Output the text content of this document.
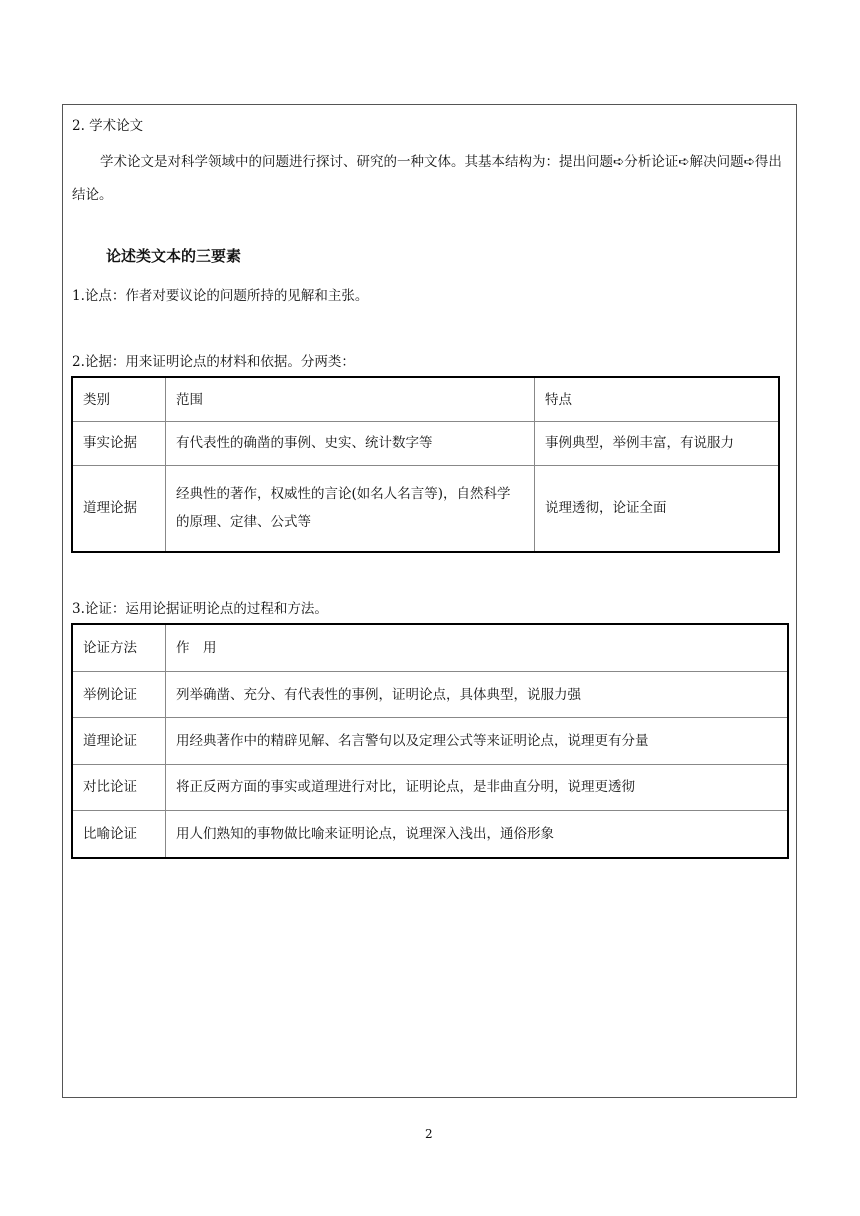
2. 学术论文
学术论文是对科学领域中的问题进行探讨、研究的一种文体。其基本结构为：提出问题➪分析论证➪解决问题➪得出结论。
论述类文本的三要素
1.论点：作者对要议论的问题所持的见解和主张。
2.论据：用来证明论点的材料和依据。分两类：
类别	范围	特点
事实论据	有代表性的确凿的事例、史实、统计数字等	事例典型，举例丰富，有说服力
道理论据	经典性的著作，权威性的言论(如名人名言等)，自然科学的原理、定律、公式等	说理透彻，论证全面
3.论证：运用论据证明论点的过程和方法。
论证方法	作　用
举例论证	列举确凿、充分、有代表性的事例，证明论点，具体典型，说服力强
道理论证	用经典著作中的精辟见解、名言警句以及定理公式等来证明论点，说理更有分量
对比论证	将正反两方面的事实或道理进行对比，证明论点，是非曲直分明，说理更透彻
比喻论证	用人们熟知的事物做比喻来证明论点，说理深入浅出，通俗形象
2
